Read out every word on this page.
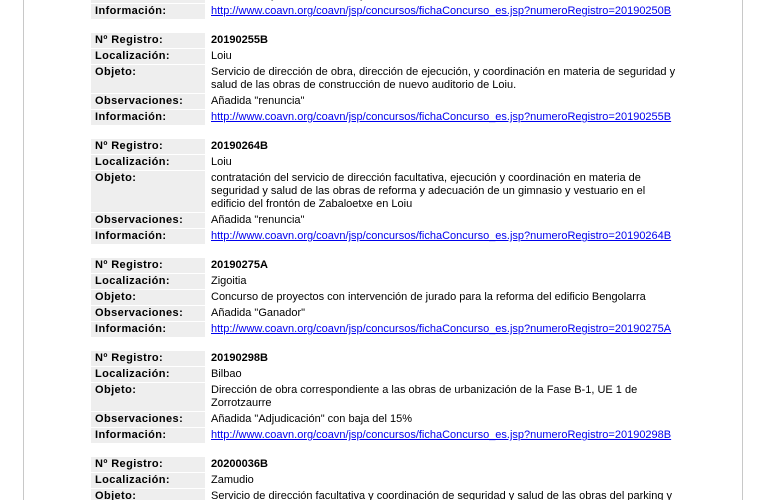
Información:	http://www.coavn.org/coavn/jsp/concursos/fichaConcurso_es.jsp?numeroRegistro=20190250B
Nº Registro:	20190255B
Localización:	Loiu
Objeto:	Servicio de dirección de obra, dirección de ejecución, y coordinación en materia de seguridad y salud de las obras de construcción de nuevo auditorio de Loiu.
Observaciones:	Añadida "renuncia"
Información:	http://www.coavn.org/coavn/jsp/concursos/fichaConcurso_es.jsp?numeroRegistro=20190255B
Nº Registro:	20190264B
Localización:	Loiu
Objeto:	contratación del servicio de dirección facultativa, ejecución y coordinación en materia de seguridad y salud de las obras de reforma y adecuación de un gimnasio y vestuario en el edificio del frontón de Zabaloetxe en Loiu
Observaciones:	Añadida "renuncia"
Información:	http://www.coavn.org/coavn/jsp/concursos/fichaConcurso_es.jsp?numeroRegistro=20190264B
Nº Registro:	20190275A
Localización:	Zigoitia
Objeto:	Concurso de proyectos con intervención de jurado para la reforma del edificio Bengolarra
Observaciones:	Añadida "Ganador"
Información:	http://www.coavn.org/coavn/jsp/concursos/fichaConcurso_es.jsp?numeroRegistro=20190275A
Nº Registro:	20190298B
Localización:	Bilbao
Objeto:	Dirección de obra correspondiente a las obras de urbanización de la Fase B-1, UE 1 de Zorrotzaurre
Observaciones:	Añadida "Adjudicación" con baja del 15%
Información:	http://www.coavn.org/coavn/jsp/concursos/fichaConcurso_es.jsp?numeroRegistro=20190298B
Nº Registro:	20200036B
Localización:	Zamudio
Objeto:	Servicio de dirección facultativa y coordinación de seguridad y salud de las obras del parking y
